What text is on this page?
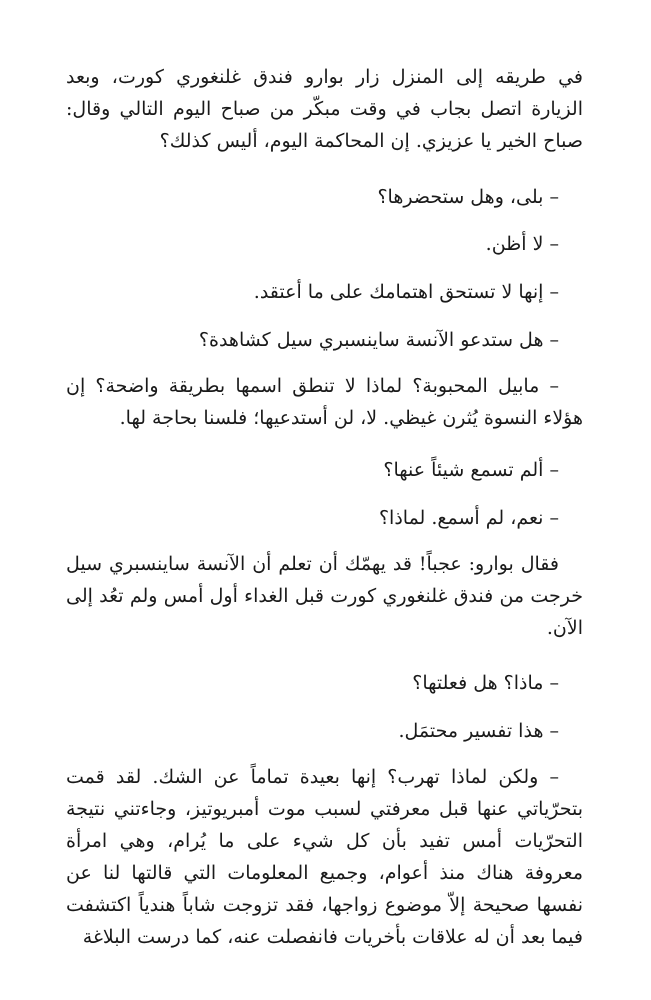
في طريقه إلى المنزل زار بوارو فندق غلنغوري كورت، وبعد الزيارة اتصل بجاب في وقت مبكّر من صباح اليوم التالي وقال: صباح الخير يا عزيزي. إن المحاكمة اليوم، أليس كذلك؟

– بلى، وهل ستحضرها؟

– لا أظن.

– إنها لا تستحق اهتمامك على ما أعتقد.

– هل ستدعو الآنسة ساينسبري سيل كشاهدة؟

– مابيل المحبوبة؟ لماذا لا تنطق اسمها بطريقة واضحة؟ إن هؤلاء النسوة يُثرن غيظي. لا، لن أستدعيها؛ فلسنا بحاجة لها.

– ألم تسمع شيئاً عنها؟

– نعم، لم أسمع. لماذا؟

فقال بوارو: عجباً! قد يهمّك أن تعلم أن الآنسة ساينسبري سيل خرجت من فندق غلنغوري كورت قبل الغداء أول أمس ولم تعُد إلى الآن.

– ماذا؟ هل فعلتها؟

– هذا تفسير محتمَل.

– ولكن لماذا تهرب؟ إنها بعيدة تماماً عن الشك. لقد قمت بتحرّياتي عنها قبل معرفتي لسبب موت أمبريوتيز، وجاءتني نتيجة التحرّيات أمس تفيد بأن كل شيء على ما يُرام، وهي امرأة معروفة هناك منذ أعوام، وجميع المعلومات التي قالتها لنا عن نفسها صحيحة إلاّ موضوع زواجها، فقد تزوجت شاباً هندياً اكتشفت فيما بعد أن له علاقات بأخريات فانفصلت عنه، كما درست البلاغة
